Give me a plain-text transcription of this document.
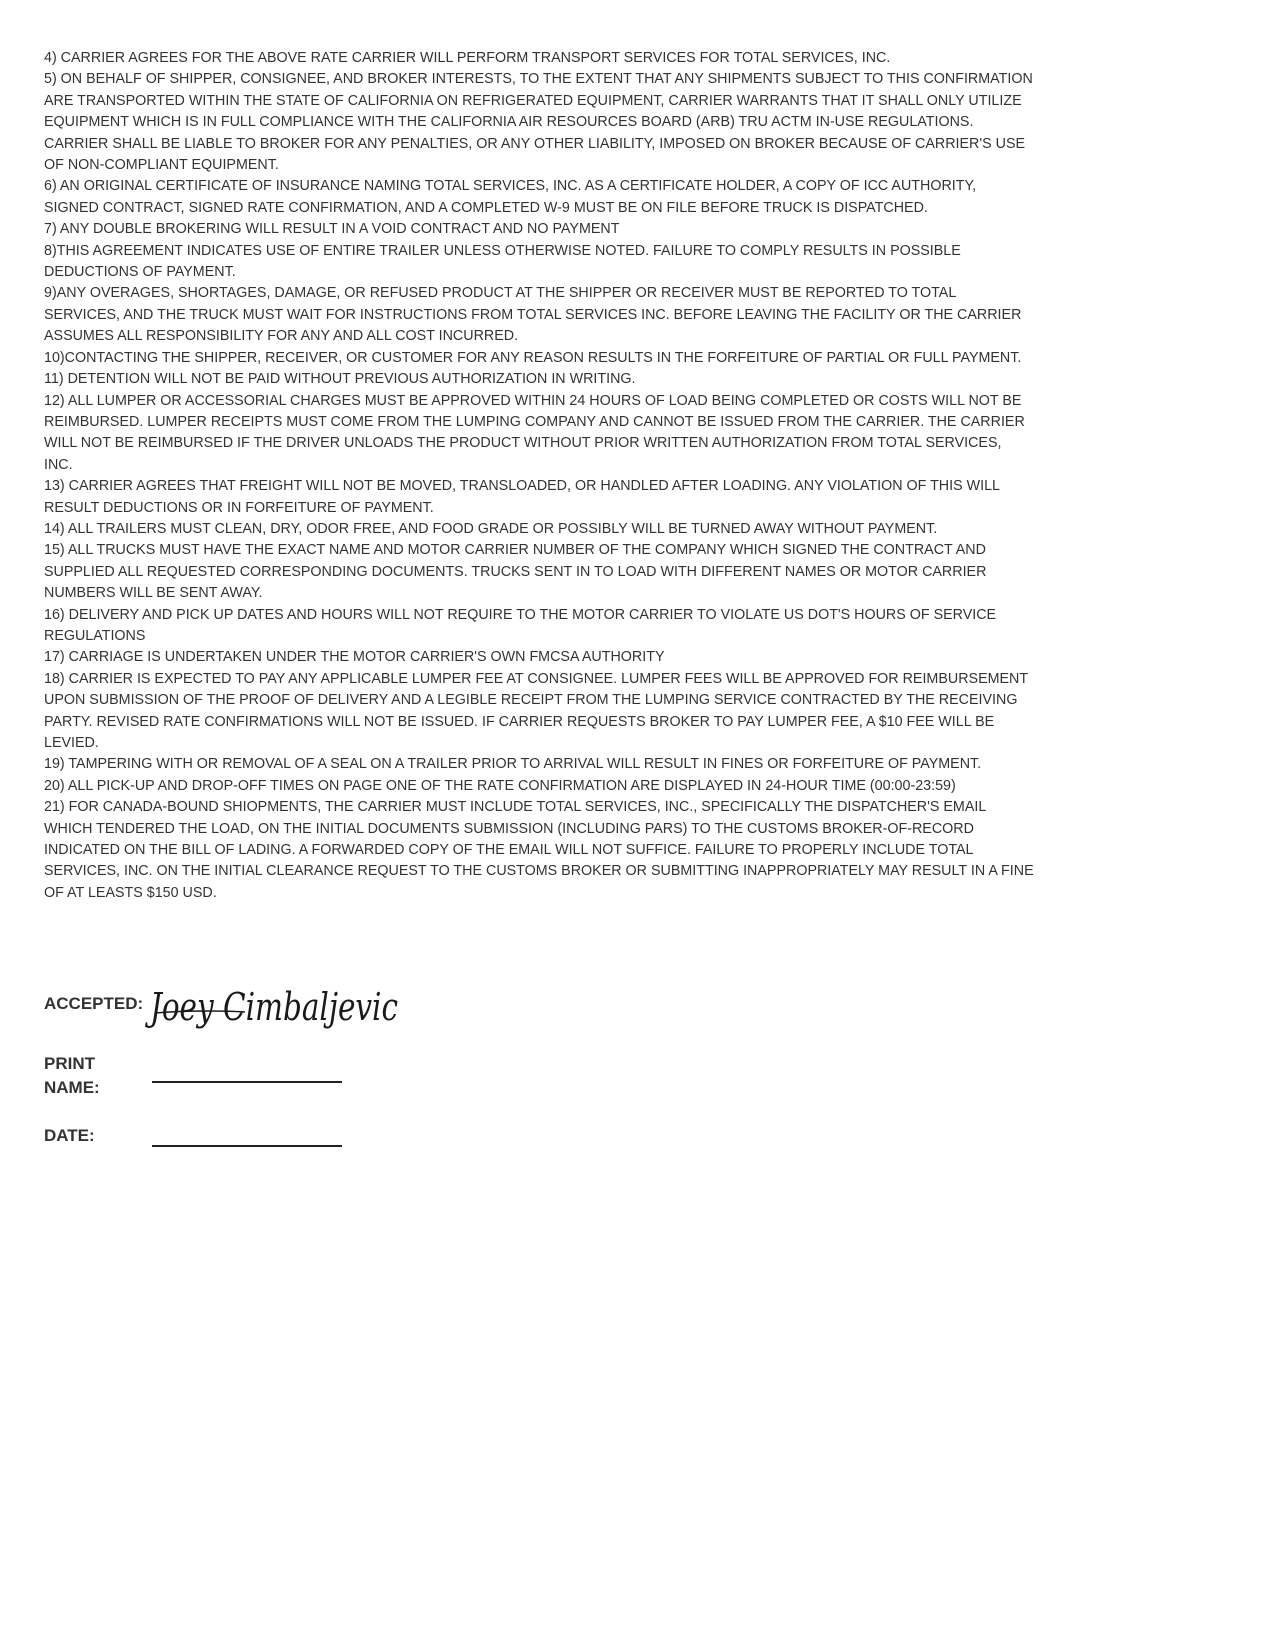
4) CARRIER AGREES FOR THE ABOVE RATE CARRIER WILL PERFORM TRANSPORT SERVICES FOR TOTAL SERVICES, INC.

5) ON BEHALF OF SHIPPER, CONSIGNEE, AND BROKER INTERESTS, TO THE EXTENT THAT ANY SHIPMENTS SUBJECT TO THIS CONFIRMATION ARE TRANSPORTED WITHIN THE STATE OF CALIFORNIA ON REFRIGERATED EQUIPMENT, CARRIER WARRANTS THAT IT SHALL ONLY UTILIZE EQUIPMENT WHICH IS IN FULL COMPLIANCE WITH THE CALIFORNIA AIR RESOURCES BOARD (ARB) TRU ACTM IN-USE REGULATIONS. CARRIER SHALL BE LIABLE TO BROKER FOR ANY PENALTIES, OR ANY OTHER LIABILITY, IMPOSED ON BROKER BECAUSE OF CARRIER'S USE OF NON-COMPLIANT EQUIPMENT.

6) AN ORIGINAL CERTIFICATE OF INSURANCE NAMING TOTAL SERVICES, INC. AS A CERTIFICATE HOLDER, A COPY OF ICC AUTHORITY, SIGNED CONTRACT, SIGNED RATE CONFIRMATION, AND A COMPLETED W-9 MUST BE ON FILE BEFORE TRUCK IS DISPATCHED.

7) ANY DOUBLE BROKERING WILL RESULT IN A VOID CONTRACT AND NO PAYMENT

8)THIS AGREEMENT INDICATES USE OF ENTIRE TRAILER UNLESS OTHERWISE NOTED. FAILURE TO COMPLY RESULTS IN POSSIBLE DEDUCTIONS OF PAYMENT.

9)ANY OVERAGES, SHORTAGES, DAMAGE, OR REFUSED PRODUCT AT THE SHIPPER OR RECEIVER MUST BE REPORTED TO TOTAL SERVICES, AND THE TRUCK MUST WAIT FOR INSTRUCTIONS FROM TOTAL SERVICES INC. BEFORE LEAVING THE FACILITY OR THE CARRIER ASSUMES ALL RESPONSIBILITY FOR ANY AND ALL COST INCURRED.

10)CONTACTING THE SHIPPER, RECEIVER, OR CUSTOMER FOR ANY REASON RESULTS IN THE FORFEITURE OF PARTIAL OR FULL PAYMENT.

11) DETENTION WILL NOT BE PAID WITHOUT PREVIOUS AUTHORIZATION IN WRITING.

12) ALL LUMPER OR ACCESSORIAL CHARGES MUST BE APPROVED WITHIN 24 HOURS OF LOAD BEING COMPLETED OR COSTS WILL NOT BE REIMBURSED. LUMPER RECEIPTS MUST COME FROM THE LUMPING COMPANY AND CANNOT BE ISSUED FROM THE CARRIER. THE CARRIER WILL NOT BE REIMBURSED IF THE DRIVER UNLOADS THE PRODUCT WITHOUT PRIOR WRITTEN AUTHORIZATION FROM TOTAL SERVICES, INC.

13) CARRIER AGREES THAT FREIGHT WILL NOT BE MOVED, TRANSLOADED, OR HANDLED AFTER LOADING. ANY VIOLATION OF THIS WILL RESULT DEDUCTIONS OR IN FORFEITURE OF PAYMENT.

14) ALL TRAILERS MUST CLEAN, DRY, ODOR FREE, AND FOOD GRADE OR POSSIBLY WILL BE TURNED AWAY WITHOUT PAYMENT.

15) ALL TRUCKS MUST HAVE THE EXACT NAME AND MOTOR CARRIER NUMBER OF THE COMPANY WHICH SIGNED THE CONTRACT AND SUPPLIED ALL REQUESTED CORRESPONDING DOCUMENTS. TRUCKS SENT IN TO LOAD WITH DIFFERENT NAMES OR MOTOR CARRIER NUMBERS WILL BE SENT AWAY.

16) DELIVERY AND PICK UP DATES AND HOURS WILL NOT REQUIRE TO THE MOTOR CARRIER TO VIOLATE US DOT'S HOURS OF SERVICE REGULATIONS

17) CARRIAGE IS UNDERTAKEN UNDER THE MOTOR CARRIER'S OWN FMCSA AUTHORITY

18) CARRIER IS EXPECTED TO PAY ANY APPLICABLE LUMPER FEE AT CONSIGNEE. LUMPER FEES WILL BE APPROVED FOR REIMBURSEMENT UPON SUBMISSION OF THE PROOF OF DELIVERY AND A LEGIBLE RECEIPT FROM THE LUMPING SERVICE CONTRACTED BY THE RECEIVING PARTY. REVISED RATE CONFIRMATIONS WILL NOT BE ISSUED. IF CARRIER REQUESTS BROKER TO PAY LUMPER FEE, A $10 FEE WILL BE LEVIED.

19) TAMPERING WITH OR REMOVAL OF A SEAL ON A TRAILER PRIOR TO ARRIVAL WILL RESULT IN FINES OR FORFEITURE OF PAYMENT.

20) ALL PICK-UP AND DROP-OFF TIMES ON PAGE ONE OF THE RATE CONFIRMATION ARE DISPLAYED IN 24-HOUR TIME (00:00-23:59)

21) FOR CANADA-BOUND SHIOPMENTS, THE CARRIER MUST INCLUDE TOTAL SERVICES, INC., SPECIFICALLY THE DISPATCHER'S EMAIL WHICH TENDERED THE LOAD, ON THE INITIAL DOCUMENTS SUBMISSION (INCLUDING PARS) TO THE CUSTOMS BROKER-OF-RECORD INDICATED ON THE BILL OF LADING. A FORWARDED COPY OF THE EMAIL WILL NOT SUFFICE. FAILURE TO PROPERLY INCLUDE TOTAL SERVICES, INC. ON THE INITIAL CLEARANCE REQUEST TO THE CUSTOMS BROKER OR SUBMITTING INAPPROPRIATELY MAY RESULT IN A FINE OF AT LEASTS $150 USD.

ACCEPTED: Joey Cimbaljevic
PRINT NAME:
DATE:
